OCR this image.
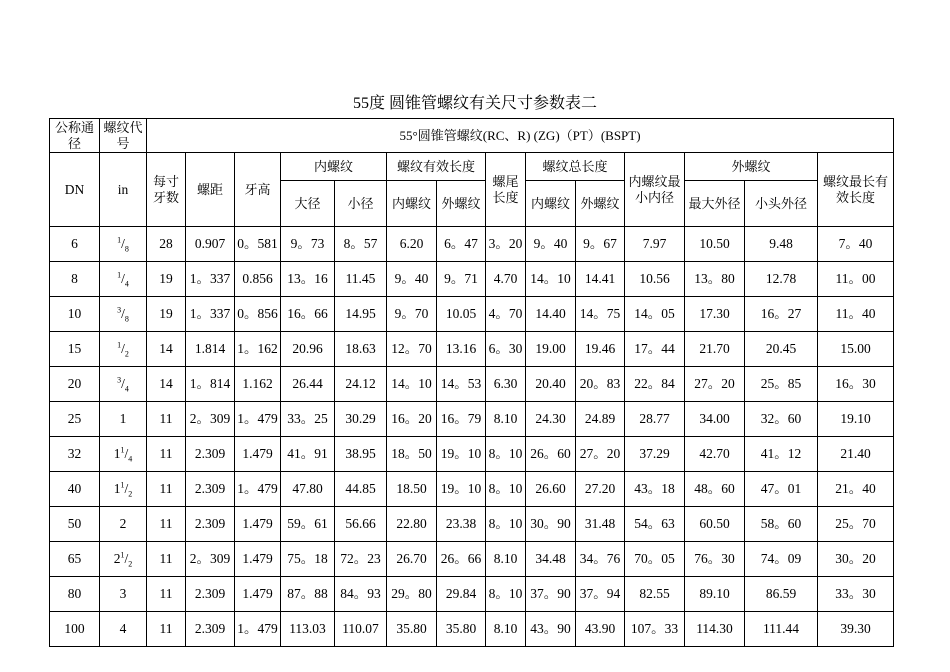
55度 圆锥管螺纹有关尺寸参数表二
公称通径	螺纹代号	55°圆锥管螺纹(RC、R) (ZG)（PT）(BSPT)													
DN	in	每寸牙数	螺距	牙高	内螺纹		螺纹有效长度		螺尾长度	螺纹总长度		内螺纹最小内径	外螺纹		螺纹最长有效长度
					大径	小径	内螺纹	外螺纹		内螺纹	外螺纹		最大外径	小头外径	
6	$^1/_8$	28	0.907	0。581	9。73	8。57	6.20	6。47	3。20	9。40	9。67	7.97	10.50	9.48	7。40
8	$^1/_4$	19	1。337	0.856	13。16	11.45	9。40	9。71	4.70	14。10	14.41	10.56	13。80	12.78	11。00
10	$^3/_8$	19	1。337	0。856	16。66	14.95	9。70	10.05	4。70	14.40	14。75	14。05	17.30	16。27	11。40
15	$^1/_2$	14	1.814	1。162	20.96	18.63	12。70	13.16	6。30	19.00	19.46	17。44	21.70	20.45	15.00
20	$^3/_4$	14	1。814	1.162	26.44	24.12	14。10	14。53	6.30	20.40	20。83	22。84	27。20	25。85	16。30
25	1	11	2。309	1。479	33。25	30.29	16。20	16。79	8.10	24.30	24.89	28.77	34.00	32。60	19.10
32	$1^1/_4$	11	2.309	1.479	41。91	38.95	18。50	19。10	8。10	26。60	27。20	37.29	42.70	41。12	21.40
40	$1^1/_2$	11	2.309	1。479	47.80	44.85	18.50	19。10	8。10	26.60	27.20	43。18	48。60	47。01	21。40
50	2	11	2.309	1.479	59。61	56.66	22.80	23.38	8。10	30。90	31.48	54。63	60.50	58。60	25。70
65	$2^1/_2$	11	2。309	1.479	75。18	72。23	26.70	26。66	8.10	34.48	34。76	70。05	76。30	74。09	30。20
80	3	11	2.309	1.479	87。88	84。93	29。80	29.84	8。10	37。90	37。94	82.55	89.10	86.59	33。30
100	4	11	2.309	1。479	113.03	110.07	35.80	35.80	8.10	43。90	43.90	107。33	114.30	111.44	39.30
